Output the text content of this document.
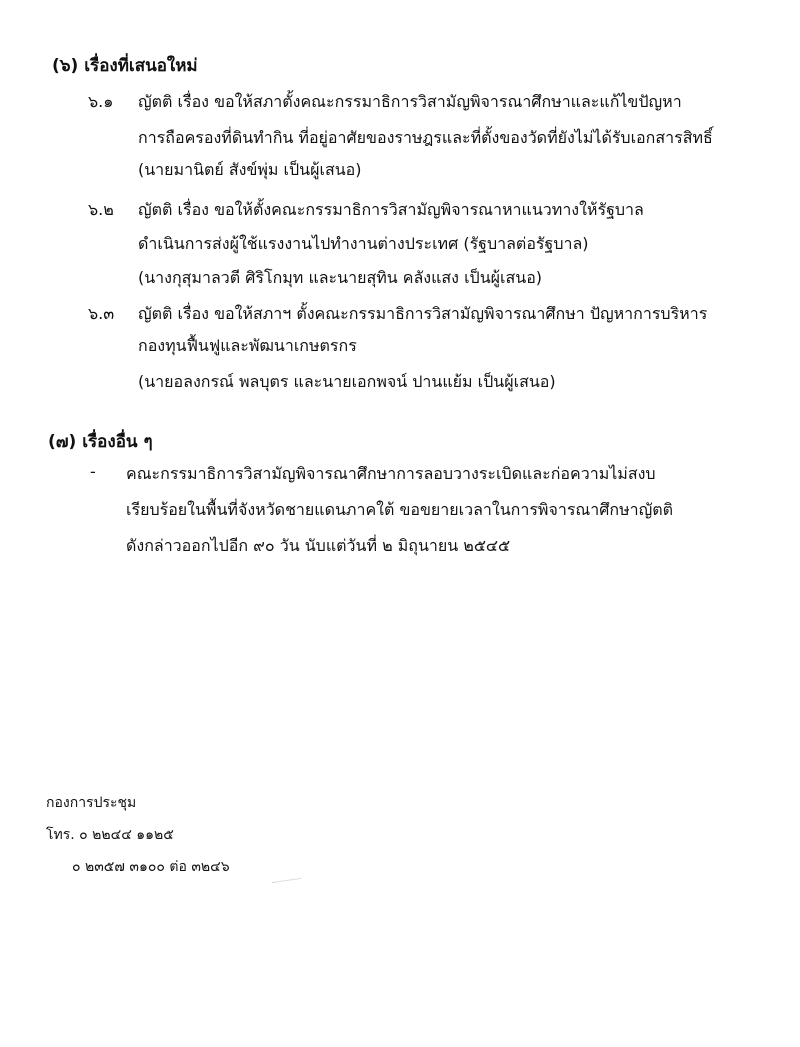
(๖) เรื่องที่เสนอใหม่
๖.๑ ญัตติ เรื่อง ขอให้สภาตั้งคณะกรรมาธิการวิสามัญพิจารณาศึกษาและแก้ไขปัญหา
การถือครองที่ดินทำกิน ที่อยู่อาศัยของราษฎรและที่ตั้งของวัดที่ยังไม่ได้รับเอกสารสิทธิ์
(นายมานิตย์ สังข์พุ่ม เป็นผู้เสนอ)
๖.๒ ญัตติ เรื่อง ขอให้ตั้งคณะกรรมาธิการวิสามัญพิจารณาหาแนวทางให้รัฐบาล
ดำเนินการส่งผู้ใช้แรงงานไปทำงานต่างประเทศ (รัฐบาลต่อรัฐบาล)
(นางกุสุมาลวตี ศิริโกมุท และนายสุทิน คลังแสง เป็นผู้เสนอ)
๖.๓ ญัตติ เรื่อง ขอให้สภาฯ ตั้งคณะกรรมาธิการวิสามัญพิจารณาศึกษา ปัญหาการบริหาร
กองทุนฟื้นฟูและพัฒนาเกษตรกร
(นายอลงกรณ์ พลบุตร และนายเอกพจน์ ปานแย้ม เป็นผู้เสนอ)
(๗) เรื่องอื่น ๆ
- คณะกรรมาธิการวิสามัญพิจารณาศึกษาการลอบวางระเบิดและก่อความไม่สงบ
เรียบร้อยในพื้นที่จังหวัดชายแดนภาคใต้ ขอขยายเวลาในการพิจารณาศึกษาญัตติ
ดังกล่าวออกไปอีก ๙๐ วัน นับแต่วันที่ ๒ มิถุนายน ๒๕๔๕
กองการประชุม
โทร. ๐ ๒๒๔๔ ๑๑๒๕
๐ ๒๓๕๗ ๓๑๐๐ ต่อ ๓๒๔๖
